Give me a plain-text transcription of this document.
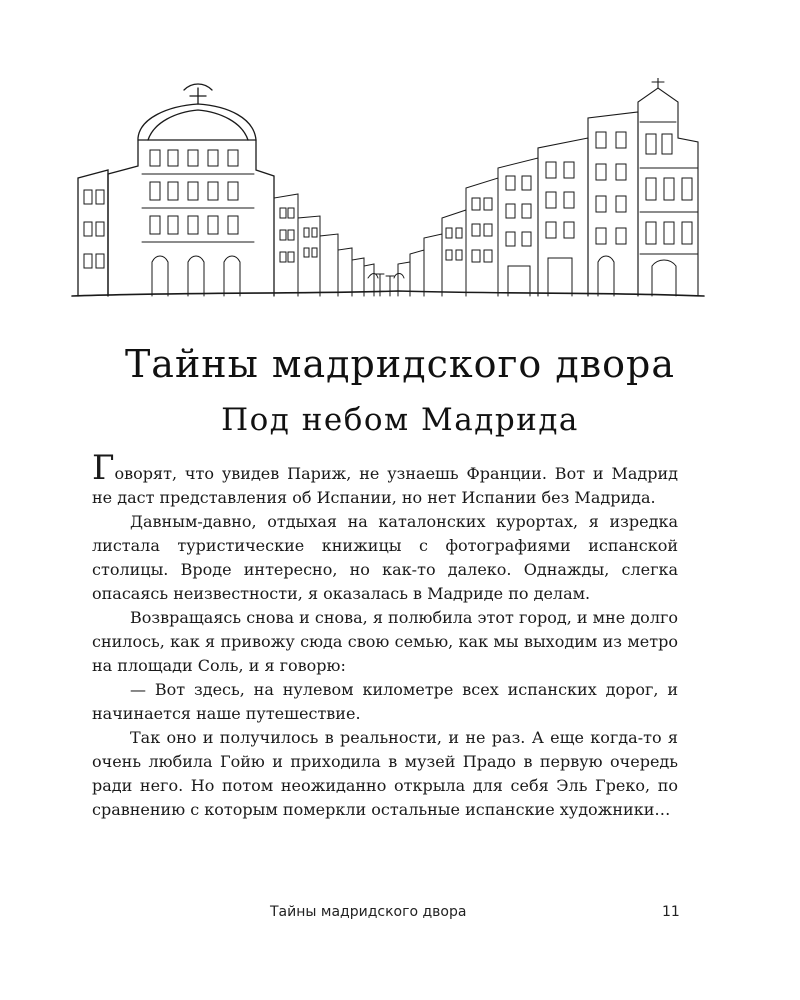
Тайны мадридского двора
Под небом Мадрида

Говорят, что увидев Париж, не узнаешь Франции. Вот и Мадрид не даст представления об Испании, но нет Испании без Мадрида.

Давным-давно, отдыхая на каталонских курортах, я изредка листала туристические книжицы с фотографиями испанской столицы. Вроде интересно, но как-то далеко. Однажды, слегка опасаясь неизвестности, я оказалась в Мадриде по делам.

Возвращаясь снова и снова, я полюбила этот город, и мне долго снилось, как я привожу сюда свою семью, как мы выходим из метро на площади Соль, и я говорю:

— Вот здесь, на нулевом километре всех испанских дорог, и начинается наше путешествие.

Так оно и получилось в реальности, и не раз. А еще когда-то я очень любила Гойю и приходила в музей Прадо в первую очередь ради него. Но потом неожиданно открыла для себя Эль Греко, по сравнению с которым померкли остальные испанские художники…

Тайны мадридского двора	11
